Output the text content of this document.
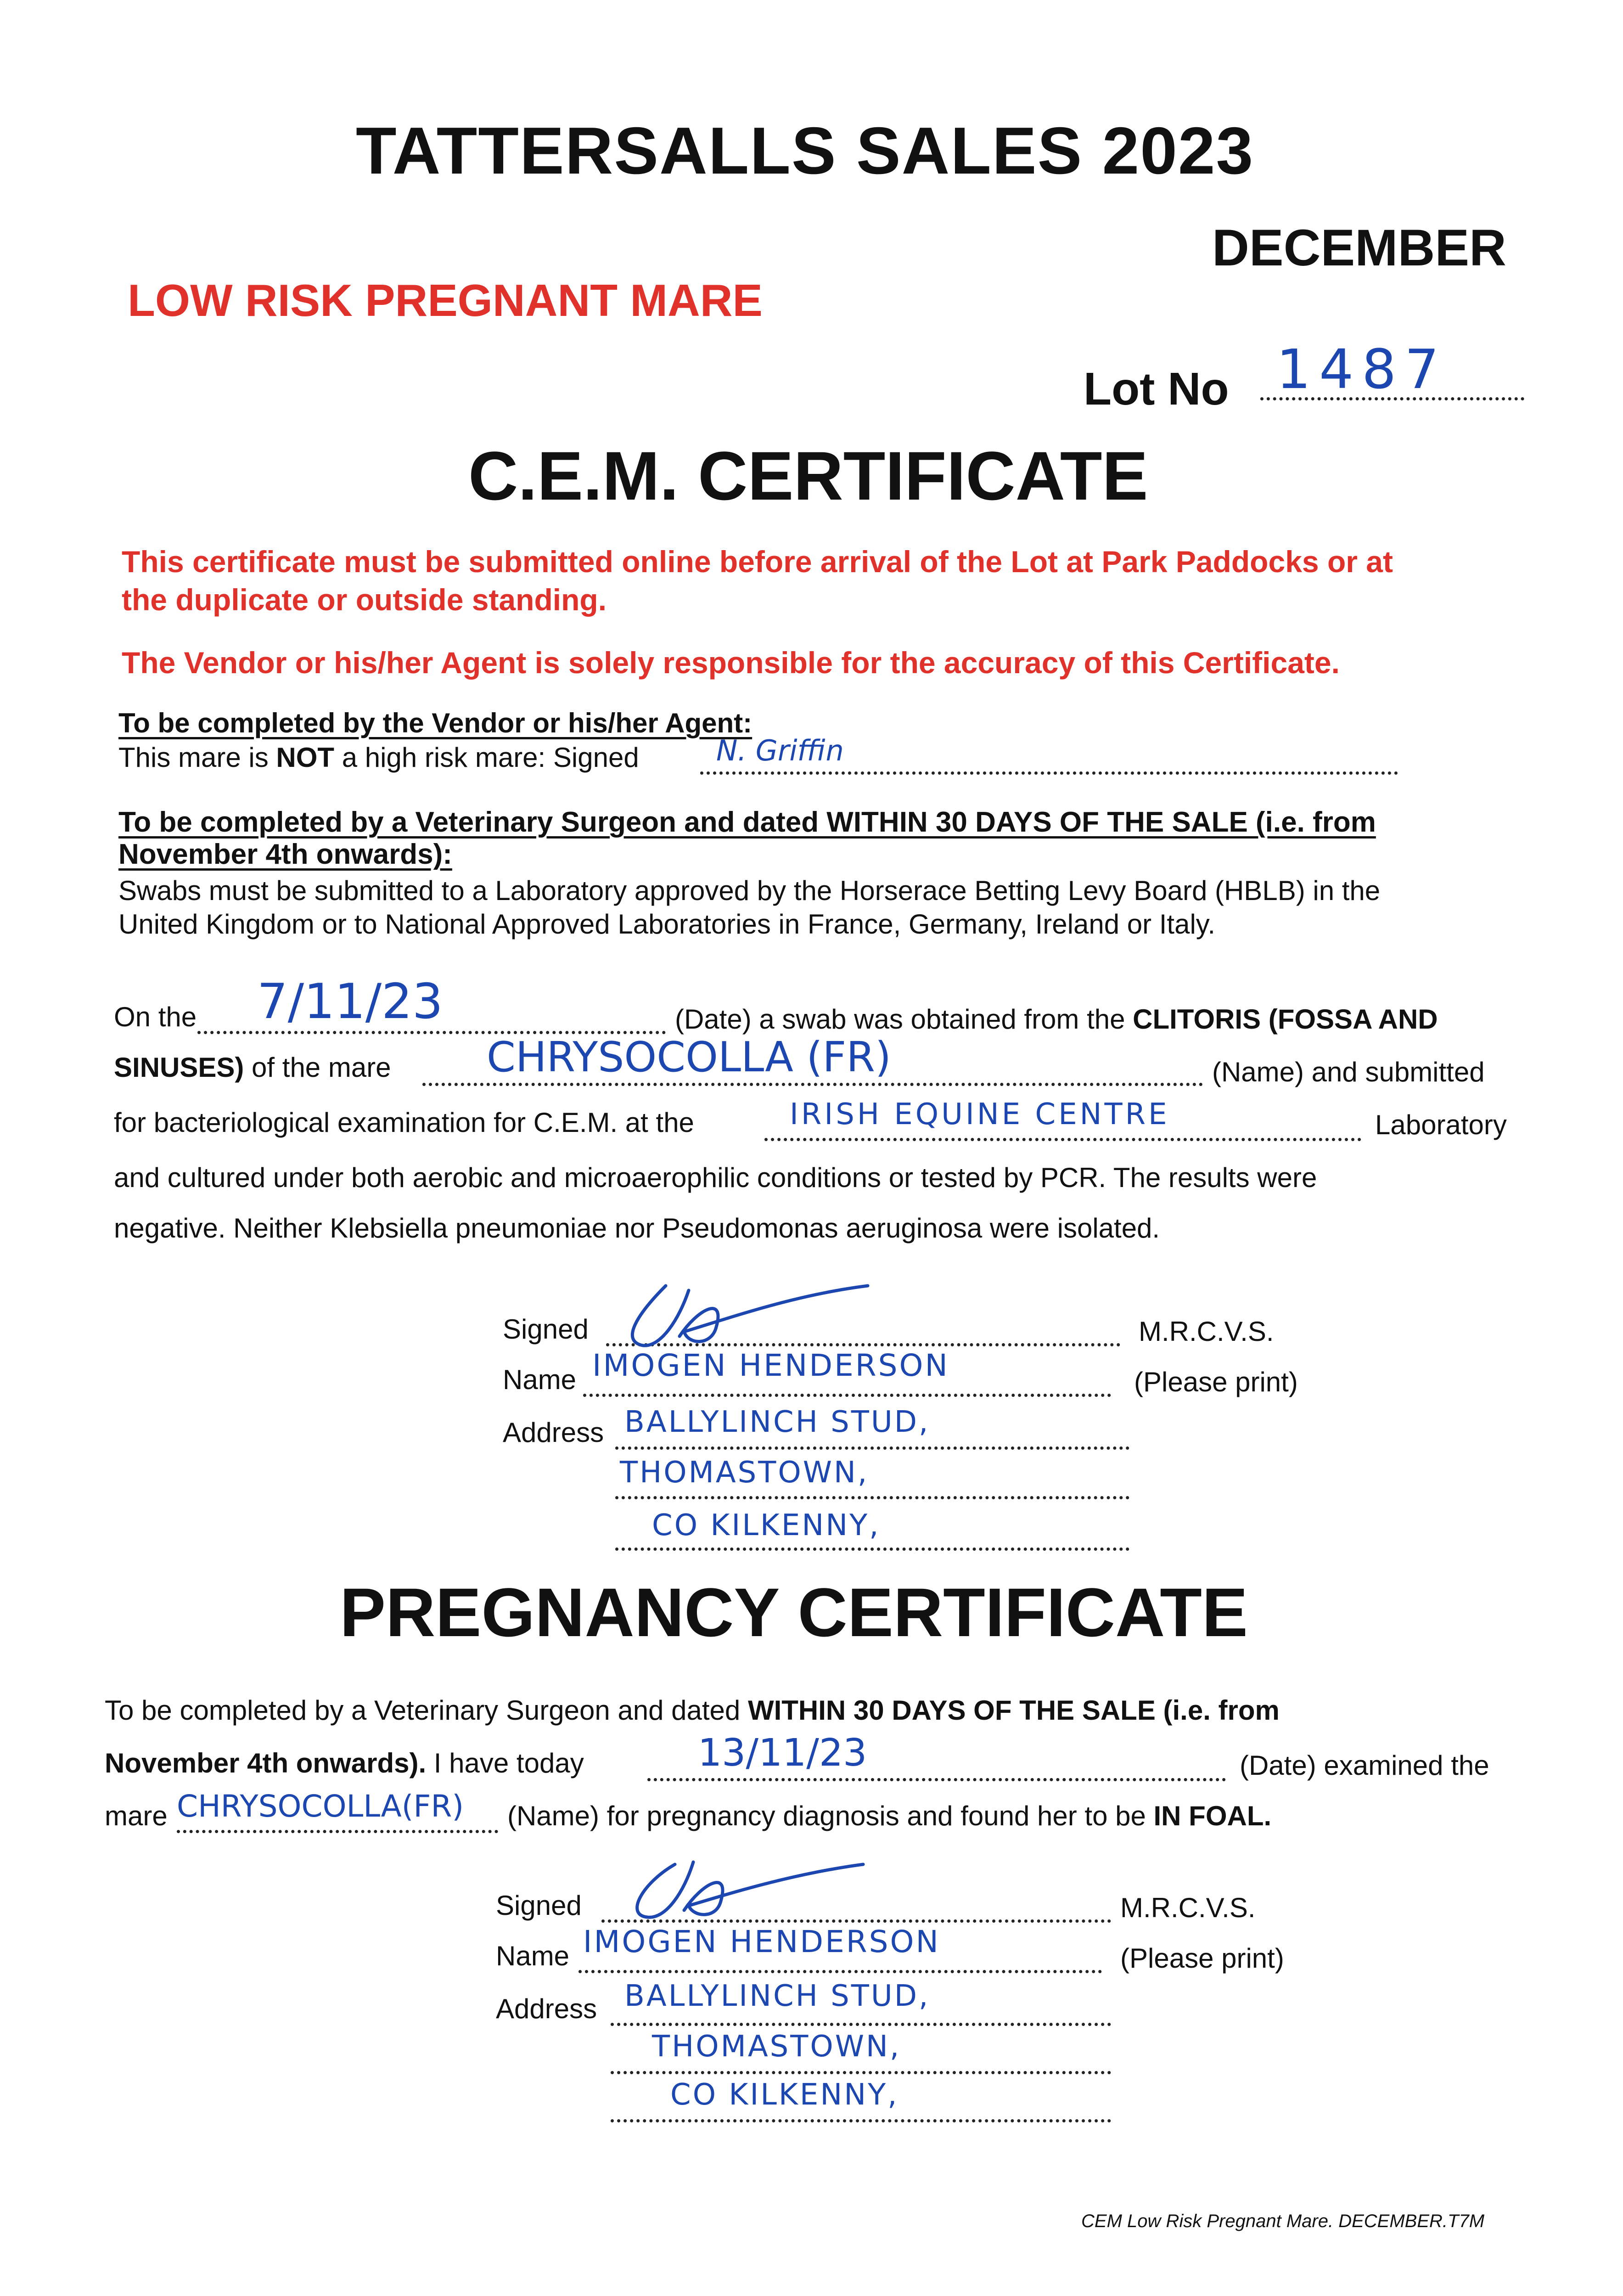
TATTERSALLS SALES 2023
DECEMBER
LOW RISK PREGNANT MARE
Lot No 1487
C.E.M. CERTIFICATE
This certificate must be submitted online before arrival of the Lot at Park Paddocks or at
the duplicate or outside standing.
The Vendor or his/her Agent is solely responsible for the accuracy of this Certificate.
To be completed by the Vendor or his/her Agent:
This mare is NOT a high risk mare: Signed	N. Griffin
To be completed by a Veterinary Surgeon and dated WITHIN 30 DAYS OF THE SALE (i.e. from
November 4th onwards):
Swabs must be submitted to a Laboratory approved by the Horserace Betting Levy Board (HBLB) in the
United Kingdom or to National Approved Laboratories in France, Germany, Ireland or Italy.
On the 7/11/23	(Date) a swab was obtained from the CLITORIS (FOSSA AND
SINUSES) of the mare CHRYSOCOLLA (FR)	(Name) and submitted
for bacteriological examination for C.E.M. at the	IRISH EQUINE CENTRE	Laboratory
and cultured under both aerobic and microaerophilic conditions or tested by PCR. The results were
negative. Neither Klebsiella pneumoniae nor Pseudomonas aeruginosa were isolated.
Signed	M.R.C.V.S.
Name IMOGEN HENDERSON	(Please print)
Address BALLYLINCH STUD,
THOMASTOWN,
CO KILKENNY,
PREGNANCY CERTIFICATE
To be completed by a Veterinary Surgeon and dated WITHIN 30 DAYS OF THE SALE (i.e. from
November 4th onwards). I have today	13/11/23	(Date) examined the
mare CHRYSOCOLLA(FR) (Name) for pregnancy diagnosis and found her to be IN FOAL.
Signed	M.R.C.V.S.
Name IMOGEN HENDERSON	(Please print)
Address BALLYLINCH STUD,
THOMASTOWN,
CO KILKENNY,
CEM Low Risk Pregnant Mare. DECEMBER.T7M
